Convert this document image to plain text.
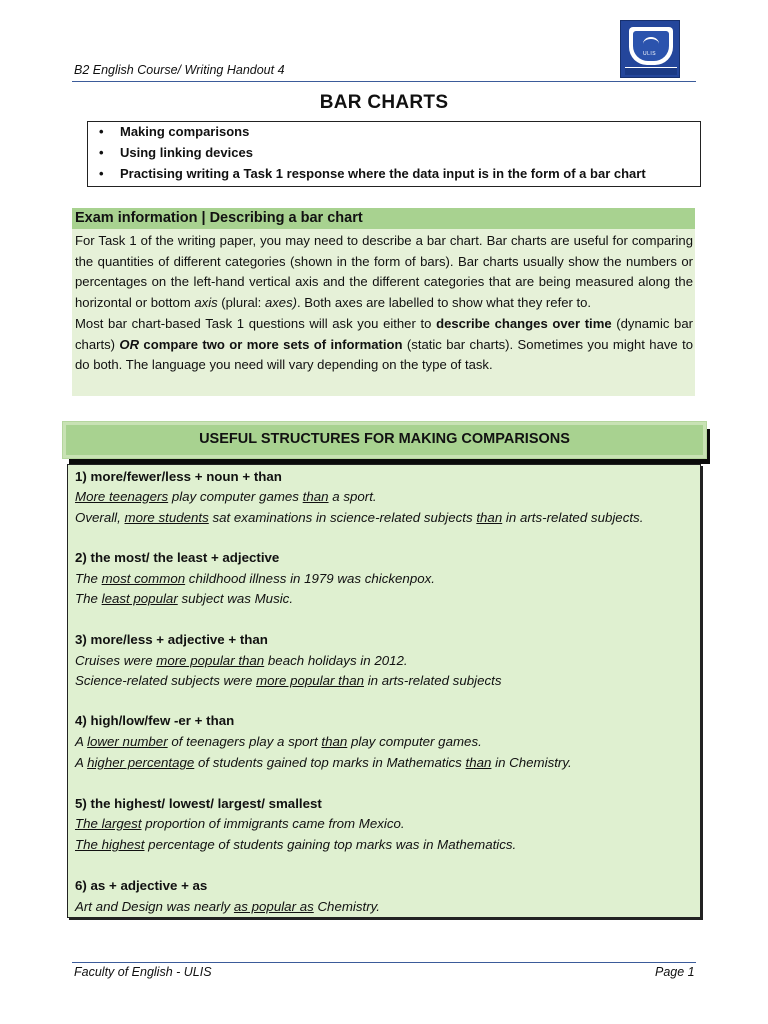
B2 English Course/ Writing Handout 4
ULIS
BAR CHARTS
• Making comparisons
• Using linking devices
• Practising writing a Task 1 response where the data input is in the form of a bar chart
Exam information | Describing a bar chart

For Task 1 of the writing paper, you may need to describe a bar chart. Bar charts are useful for comparing the quantities of different categories (shown in the form of bars). Bar charts usually show the numbers or percentages on the left-hand vertical axis and the different categories that are being measured along the horizontal or bottom axis (plural: axes). Both axes are labelled to show what they refer to.

Most bar chart-based Task 1 questions will ask you either to describe changes over time (dynamic bar charts) OR compare two or more sets of information (static bar charts). Sometimes you might have to do both. The language you need will vary depending on the type of task.

USEFUL STRUCTURES FOR MAKING COMPARISONS
1) more/fewer/less + noun + than
More teenagers play computer games than a sport.
Overall, more students sat examinations in science-related subjects than in arts-related subjects.
2) the most/ the least + adjective
The most common childhood illness in 1979 was chickenpox.
The least popular subject was Music.
3) more/less + adjective + than
Cruises were more popular than beach holidays in 2012.
Science-related subjects were more popular than in arts-related subjects
4) high/low/few -er + than
A lower number of teenagers play a sport than play computer games.
A higher percentage of students gained top marks in Mathematics than in Chemistry.
5) the highest/ lowest/ largest/ smallest
The largest proportion of immigrants came from Mexico.
The highest percentage of students gaining top marks was in Mathematics.
6) as + adjective + as
Art and Design was nearly as popular as Chemistry.
Faculty of English - ULIS	Page 1
